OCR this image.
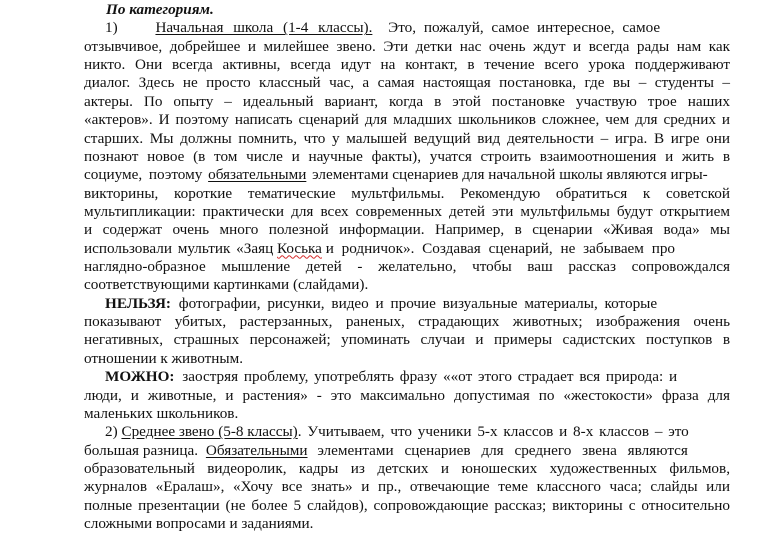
По категориям.
1) Начальная школа (1-4 классы). Это, пожалуй, самое интересное, самое
отзывчивое, добрейшее и милейшее звено. Эти детки нас очень ждут и всегда рады нам как
никто. Они всегда активны, всегда идут на контакт, в течение всего урока поддерживают
диалог. Здесь не просто классный час, а самая настоящая постановка, где вы – студенты –
актеры. По опыту – идеальный вариант, когда в этой постановке участвую трое наших
«актеров». И поэтому написать сценарий для младших школьников сложнее, чем для средних и
старших. Мы должны помнить, что у малышей ведущий вид деятельности – игра. В игре они
познают новое (в том числе и научные факты), учатся строить взаимоотношения и жить в
социуме, поэтому обязательными элементами сценариев для начальной школы являются игры-
викторины, короткие тематические мультфильмы. Рекомендую обратиться к советской
мультипликации: практически для всех современных детей эти мультфильмы будут открытием
и содержат очень много полезной информации. Например, в сценарии «Живая вода» мы
использовали мультик «Заяц Коська и родничок». Создавая сценарий, не забываем про
наглядно-образное мышление детей - желательно, чтобы ваш рассказ сопровождался
соответствующими картинками (слайдами).
НЕЛЬЗЯ: фотографии, рисунки, видео и прочие визуальные материалы, которые
показывают убитых, растерзанных, раненых, страдающих животных; изображения очень
негативных, страшных персонажей; упоминать случаи и примеры садистских поступков в
отношении к животным.
МОЖНО: заостряя проблему, употреблять фразу ««от этого страдает вся природа: и
люди, и животные, и растения» - это максимально допустимая по «жестокости» фраза для
маленьких школьников.
2) Среднее звено (5-8 классы). Учитываем, что ученики 5-х классов и 8-х классов – это
большая разница. Обязательными элементами сценариев для среднего звена являются
образовательный видеоролик, кадры из детских и юношеских художественных фильмов,
журналов «Ералаш», «Хочу все знать» и пр., отвечающие теме классного часа; слайды или
полные презентации (не более 5 слайдов), сопровождающие рассказ; викторины с относительно
сложными вопросами и заданиями.
